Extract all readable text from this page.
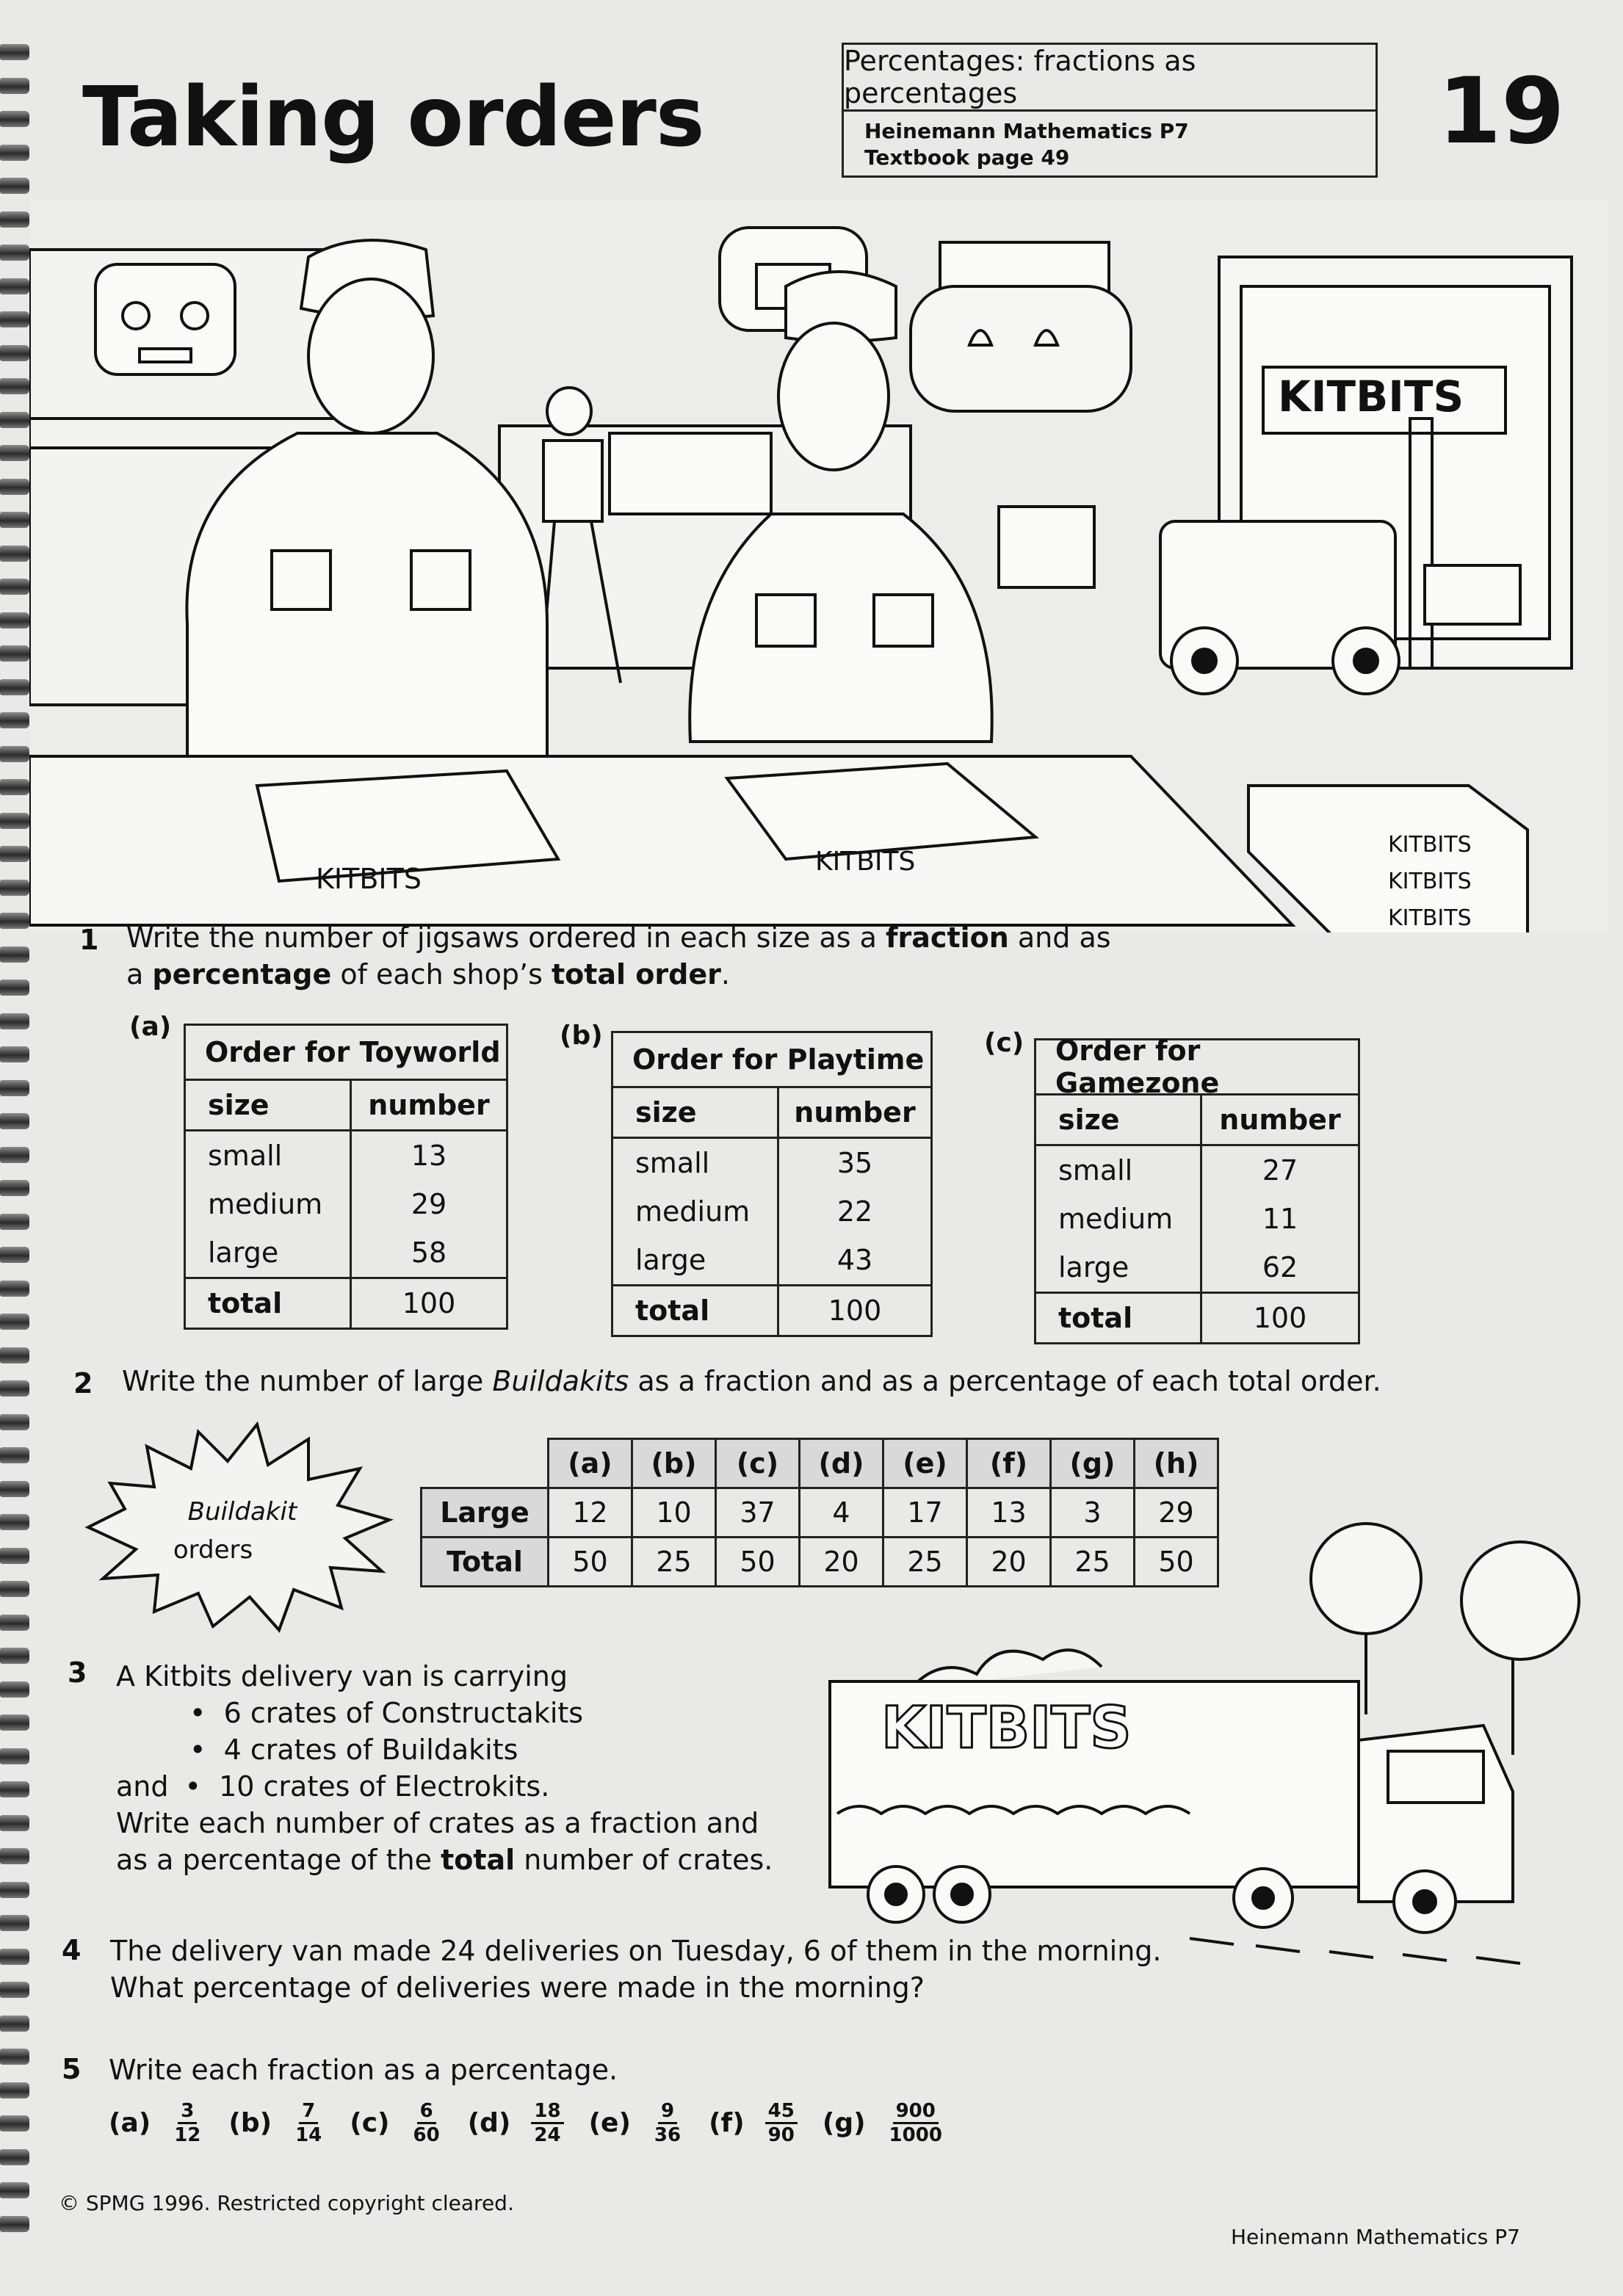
Taking orders
Percentages: fractions as percentages
Heinemann Mathematics P7
Textbook page 49	19
KITBITS
KITBITS
KITBITS
KITBITS
KITBITS
KITBITS
1 Write the number of jigsaws ordered in each size as a fraction and as
a percentage of each shop’s total order.
(a)
Order for Toyworld
size	number
small	13
medium	29
large	58
total	100
(b)
Order for Playtime
size	number
small	35
medium	22
large	43
total	100
(c)	Order for Gamezone
size	number
small	27
medium	11
large	62
total	100
2 Write the number of large Buildakits as a fraction and as a percentage of each total order.
Buildakit
orders
	(a)	(b)	(c)	(d)	(e)	(f)	(g)	(h)
Large	12	10	37	4	17	13	3	29
Total	50	25	50	20	25	20	25	50
3 A Kitbits delivery van is carrying
•  6 crates of Constructakits
•  4 crates of Buildakits
and •  10 crates of Electrokits.
Write each number of crates as a fraction and
as a percentage of the total number of crates.
KITBITS
4 The delivery van made 24 deliveries on Tuesday, 6 of them in the morning.
What percentage of deliveries were made in the morning?
5 Write each fraction as a percentage.
(a) 3
12 (b) 7
14 (c) 6
60 (d) 18
24 (e) 9
36 (f) 45
90 (g) 900
1000
© SPMG 1996. Restricted copyright cleared.
Heinemann Mathematics P7
